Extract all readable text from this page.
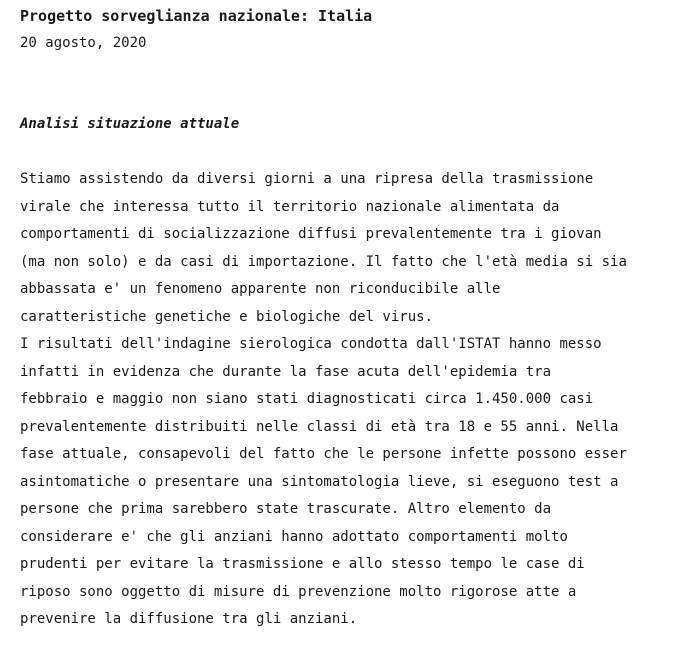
Progetto sorveglianza nazionale: Italia

20 agosto, 2020

Analisi situazione attuale
Stiamo assistendo da diversi giorni a una ripresa della trasmissione
virale che interessa tutto il territorio nazionale alimentata da
comportamenti di socializzazione diffusi prevalentemente tra i giovan
(ma non solo) e da casi di importazione. Il fatto che l'età media si sia
abbassata e' un fenomeno apparente non riconducibile alle
caratteristiche genetiche e biologiche del virus.
I risultati dell'indagine sierologica condotta dall'ISTAT hanno messo
infatti in evidenza che durante la fase acuta dell'epidemia tra
febbraio e maggio non siano stati diagnosticati circa 1.450.000 casi
prevalentemente distribuiti nelle classi di età tra 18 e 55 anni. Nella
fase attuale, consapevoli del fatto che le persone infette possono esser
asintomatiche o presentare una sintomatologia lieve, si eseguono test a
persone che prima sarebbero state trascurate. Altro elemento da
considerare e' che gli anziani hanno adottato comportamenti molto
prudenti per evitare la trasmissione e allo stesso tempo le case di
riposo sono oggetto di misure di prevenzione molto rigorose atte a
prevenire la diffusione tra gli anziani.
